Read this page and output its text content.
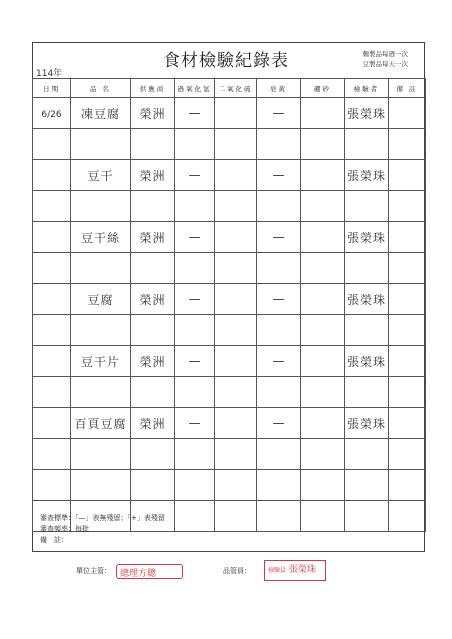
食材檢驗紀錄表
114年
麵製品每週一次
豆製品每天一次
日期	品 名	供應商	過氧化氫	二氧化硫	皂黃	硼砂	檢驗者	備 註
6/26	凍豆腐	榮洲	—		—		張榮珠	

	豆干	榮洲	—		—		張榮珠	

	豆干絲	榮洲	—		—		張榮珠	

	豆腐	榮洲	—		—		張榮珠	

	豆干片	榮洲	—		—		張榮珠	

	百頁豆腐	榮洲	—		—		張榮珠	

審查標準：「—」表無殘留；「+」表殘留
審查頻率：每批
備　註：
單位主管：	總理方聰	品管員：	檢驗員 張榮珠
